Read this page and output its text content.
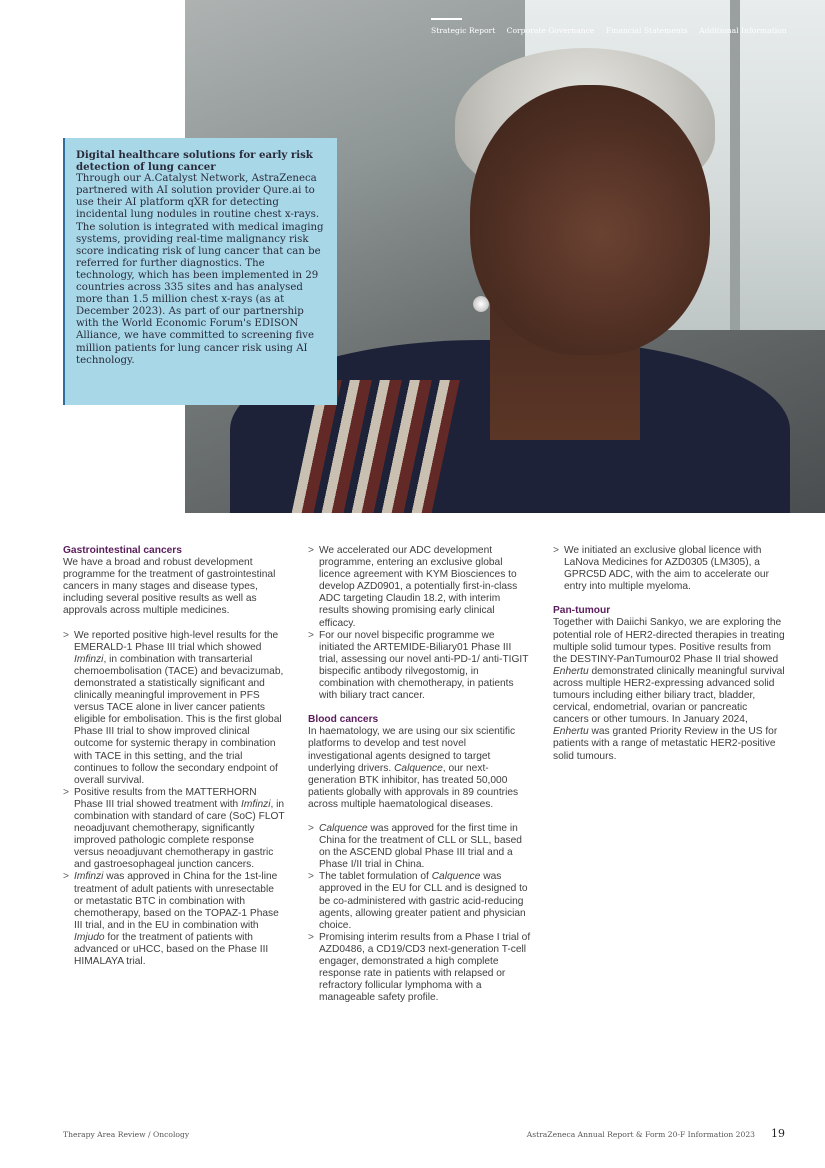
Strategic Report Corporate Governance Financial Statements Additional Information

Digital healthcare solutions for early risk detection of lung cancer

Through our A.Catalyst Network, AstraZeneca partnered with AI solution provider Qure.ai to use their AI platform qXR for detecting incidental lung nodules in routine chest x-rays. The solution is integrated with medical imaging systems, providing real-time malignancy risk score indicating risk of lung cancer that can be referred for further diagnostics. The technology, which has been implemented in 29 countries across 335 sites and has analysed more than 1.5 million chest x-rays (as at December 2023). As part of our partnership with the World Economic Forum's EDISON Alliance, we have committed to screening five million patients for lung cancer risk using AI technology.

Gastrointestinal cancers

We have a broad and robust development programme for the treatment of gastrointestinal cancers in many stages and disease types, including several positive results as well as approvals across multiple medicines.

> We reported positive high-level results for the EMERALD-1 Phase III trial which showed Imfinzi, in combination with transarterial chemoembolisation (TACE) and bevacizumab, demonstrated a statistically significant and clinically meaningful improvement in PFS versus TACE alone in liver cancer patients eligible for embolisation. This is the first global Phase III trial to show improved clinical outcome for systemic therapy in combination with TACE in this setting, and the trial continues to follow the secondary endpoint of overall survival.
> Positive results from the MATTERHORN Phase III trial showed treatment with Imfinzi, in combination with standard of care (SoC) FLOT neoadjuvant chemotherapy, significantly improved pathologic complete response versus neoadjuvant chemotherapy in gastric and gastroesophageal junction cancers.
> Imfinzi was approved in China for the 1st-line treatment of adult patients with unresectable or metastatic BTC in combination with chemotherapy, based on the TOPAZ-1 Phase III trial, and in the EU in combination with Imjudo for the treatment of patients with advanced or uHCC, based on the Phase III HIMALAYA trial.
> We accelerated our ADC development programme, entering an exclusive global licence agreement with KYM Biosciences to develop AZD0901, a potentially first-in-class ADC targeting Claudin 18.2, with interim results showing promising early clinical efficacy.
> For our novel bispecific programme we initiated the ARTEMIDE-Biliary01 Phase III trial, assessing our novel anti-PD-1/ anti-TIGIT bispecific antibody rilvegostomig, in combination with chemotherapy, in patients with biliary tract cancer.

Blood cancers

In haematology, we are using our six scientific platforms to develop and test novel investigational agents designed to target underlying drivers. Calquence, our next-generation BTK inhibitor, has treated 50,000 patients globally with approvals in 89 countries across multiple haematological diseases.

> Calquence was approved for the first time in China for the treatment of CLL or SLL, based on the ASCEND global Phase III trial and a Phase I/II trial in China.
> The tablet formulation of Calquence was approved in the EU for CLL and is designed to be co-administered with gastric acid-reducing agents, allowing greater patient and physician choice.
> Promising interim results from a Phase I trial of AZD0486, a CD19/CD3 next-generation T-cell engager, demonstrated a high complete response rate in patients with relapsed or refractory follicular lymphoma with a manageable safety profile.
> We initiated an exclusive global licence with LaNova Medicines for AZD0305 (LM305), a GPRC5D ADC, with the aim to accelerate our entry into multiple myeloma.

Pan-tumour

Together with Daiichi Sankyo, we are exploring the potential role of HER2-directed therapies in treating multiple solid tumour types. Positive results from the DESTINY-PanTumour02 Phase II trial showed Enhertu demonstrated clinically meaningful survival across multiple HER2-expressing advanced solid tumours including either biliary tract, bladder, cervical, endometrial, ovarian or pancreatic cancers or other tumours. In January 2024, Enhertu was granted Priority Review in the US for patients with a range of metastatic HER2-positive solid tumours.

Therapy Area Review / Oncology	AstraZeneca Annual Report & Form 20-F Information 2023 19
